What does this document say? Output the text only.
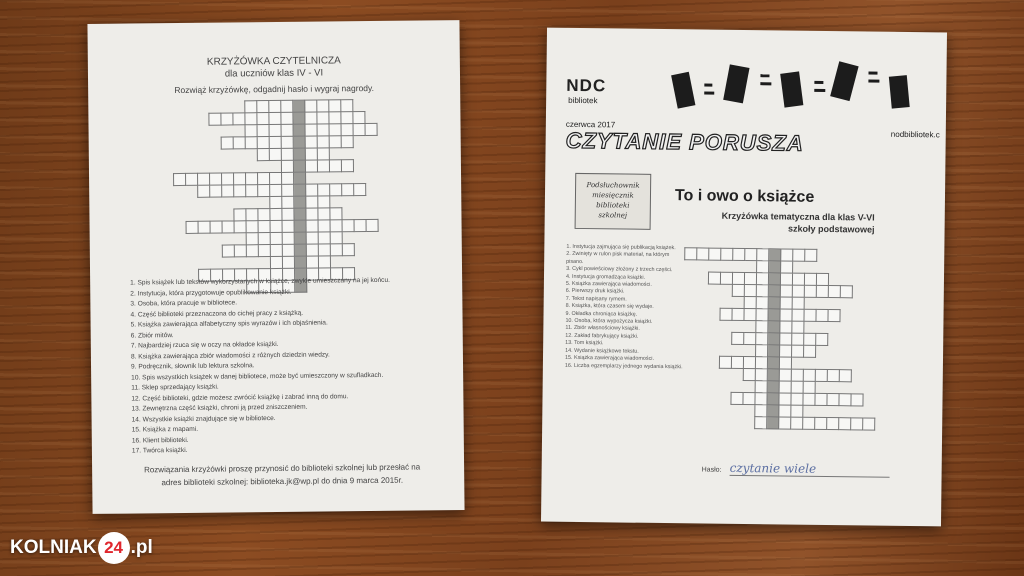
KRZYŻÓWKA CZYTELNICZA
dla uczniów klas IV - VI
Rozwiąż krzyżówkę, odgadnij hasło i wygraj nagrody.

1. Spis książek lub tekstów wykorzystanych w książce, zwykle umieszczany na jej końcu.
2. Instytucja, która przygotowuje opublikowanie książki.
3. Osoba, która pracuje w bibliotece.
4. Część biblioteki przeznaczona do cichej pracy z książką.
5. Książka zawierająca alfabetyczny spis wyrazów i ich objaśnienia.
6. Zbiór mitów.
7. Najbardziej rzuca się w oczy na okładce książki.
8. Książka zawierająca zbiór wiadomości z różnych dziedzin wiedzy.
9. Podręcznik, słownik lub lektura szkolna.
10. Spis wszystkich książek w danej bibliotece, może być umieszczony w szufladkach.
11. Sklep sprzedający książki.
12. Część biblioteki, gdzie możesz zwrócić książkę i zabrać inną do domu.
13. Zewnętrzna część książki, chroni ją przed zniszczeniem.
14. Wszystkie książki znajdujące się w bibliotece.
15. Książka z mapami.
16. Klient biblioteki.
17. Twórca książki.
Rozwiązania krzyżówki proszę przynosić do biblioteki szkolnej lub przesłać na
adres biblioteki szkolnej: biblioteka.jk@wp.pl do dnia 9 marca 2015r.
NDC
bibliotek
czerwca 2017
CZYTANIE PORUSZA	nodbibliotek.c
Podsłuchownik
miesięcznik
biblioteki
szkolnej
To i owo o książce
Krzyżówka tematyczna dla klas V-VI
szkoły podstawowej
1. Instytucja zajmująca się publikacją książek.
2. Zwinięty w rulon pisk materiał, na którym pisano.
3. Cykl powieściowy złożony z trzech części.
4. Instytucja gromadząca książki.
5. Książka zawierająca wiadomości.
6. Pierwszy druk książki.
7. Tekst napisany rymem.
8. Książka, która czasem się wydaje.
9. Okładka chroniąca książkę.
10. Osoba, która wypożycza książki.
11. Zbiór własnościowy książki.
12. Zakład fabrykujący książki.
13. Tom książki.
14. Wydanie książkowe tekstu.
15. Książka zawierająca wiadomości.
16. Liczba egzemplarzy jednego wydania książki.

Hasło: czytanie wiele
KOLNIAK 24 .pl
